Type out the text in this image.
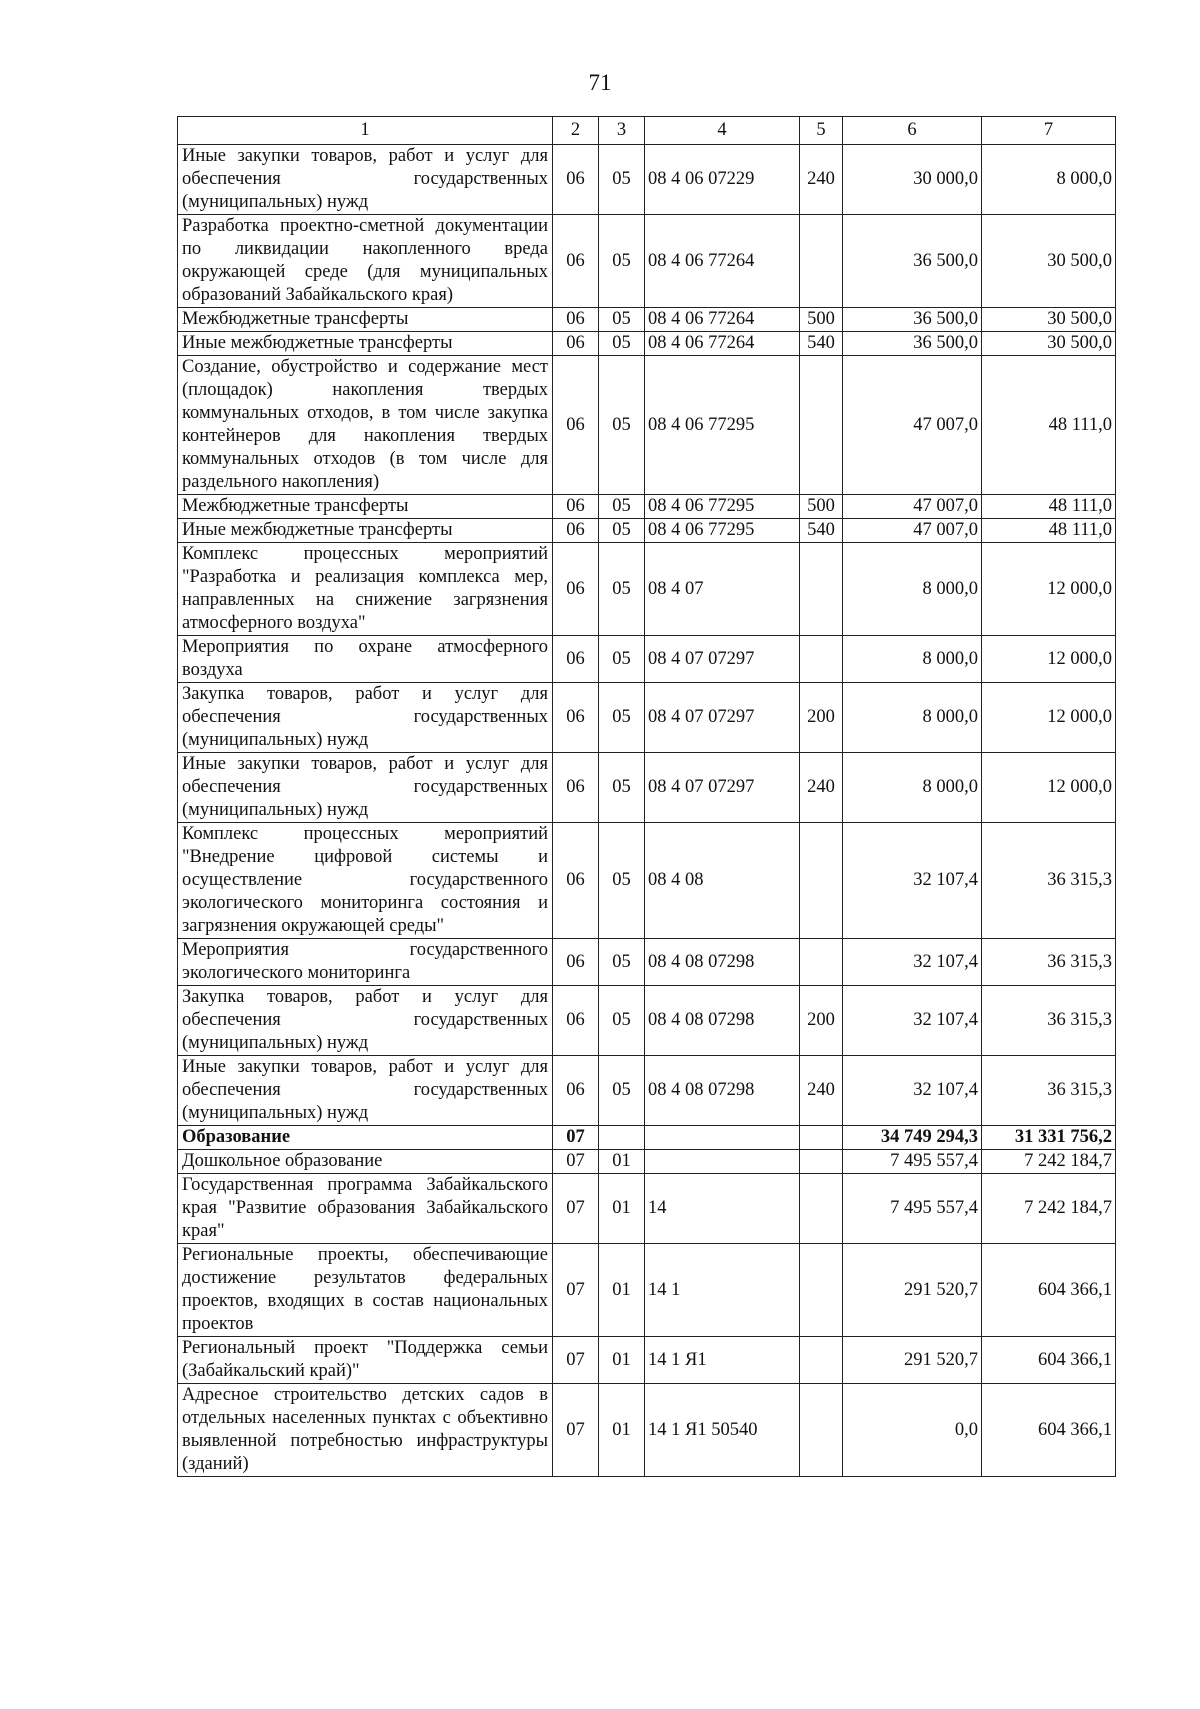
71
1	2	3	4	5	6	7
Иные закупки товаров, работ и услуг для обеспечения государственных (муниципальных) нужд	06	05	08 4 06 07229	240	30 000,0	8 000,0
Разработка проектно-сметной документации по ликвидации накопленного вреда окружающей среде (для муниципальных образований Забайкальского края)	06	05	08 4 06 77264		36 500,0	30 500,0
Межбюджетные трансферты	06	05	08 4 06 77264	500	36 500,0	30 500,0
Иные межбюджетные трансферты	06	05	08 4 06 77264	540	36 500,0	30 500,0
Создание, обустройство и содержание мест (площадок) накопления твердых коммунальных отходов, в том числе закупка контейнеров для накопления твердых коммунальных отходов (в том числе для раздельного накопления)	06	05	08 4 06 77295		47 007,0	48 111,0
Межбюджетные трансферты	06	05	08 4 06 77295	500	47 007,0	48 111,0
Иные межбюджетные трансферты	06	05	08 4 06 77295	540	47 007,0	48 111,0
Комплекс процессных мероприятий "Разработка и реализация комплекса мер, направленных на снижение загрязнения атмосферного воздуха"	06	05	08 4 07		8 000,0	12 000,0
Мероприятия по охране атмосферного воздуха	06	05	08 4 07 07297		8 000,0	12 000,0
Закупка товаров, работ и услуг для обеспечения государственных (муниципальных) нужд	06	05	08 4 07 07297	200	8 000,0	12 000,0
Иные закупки товаров, работ и услуг для обеспечения государственных (муниципальных) нужд	06	05	08 4 07 07297	240	8 000,0	12 000,0
Комплекс процессных мероприятий "Внедрение цифровой системы и осуществление государственного экологического мониторинга состояния и загрязнения окружающей среды"	06	05	08 4 08		32 107,4	36 315,3
Мероприятия государственного экологического мониторинга	06	05	08 4 08 07298		32 107,4	36 315,3
Закупка товаров, работ и услуг для обеспечения государственных (муниципальных) нужд	06	05	08 4 08 07298	200	32 107,4	36 315,3
Иные закупки товаров, работ и услуг для обеспечения государственных (муниципальных) нужд	06	05	08 4 08 07298	240	32 107,4	36 315,3
Образование	07				34 749 294,3	31 331 756,2
Дошкольное образование	07	01			7 495 557,4	7 242 184,7
Государственная программа Забайкальского края "Развитие образования Забайкальского края"	07	01	14		7 495 557,4	7 242 184,7
Региональные проекты, обеспечивающие достижение результатов федеральных проектов, входящих в состав национальных проектов	07	01	14 1		291 520,7	604 366,1
Региональный проект "Поддержка семьи (Забайкальский край)"	07	01	14 1 Я1		291 520,7	604 366,1
Адресное строительство детских садов в отдельных населенных пунктах с объективно выявленной потребностью инфраструктуры (зданий)	07	01	14 1 Я1 50540		0,0	604 366,1
